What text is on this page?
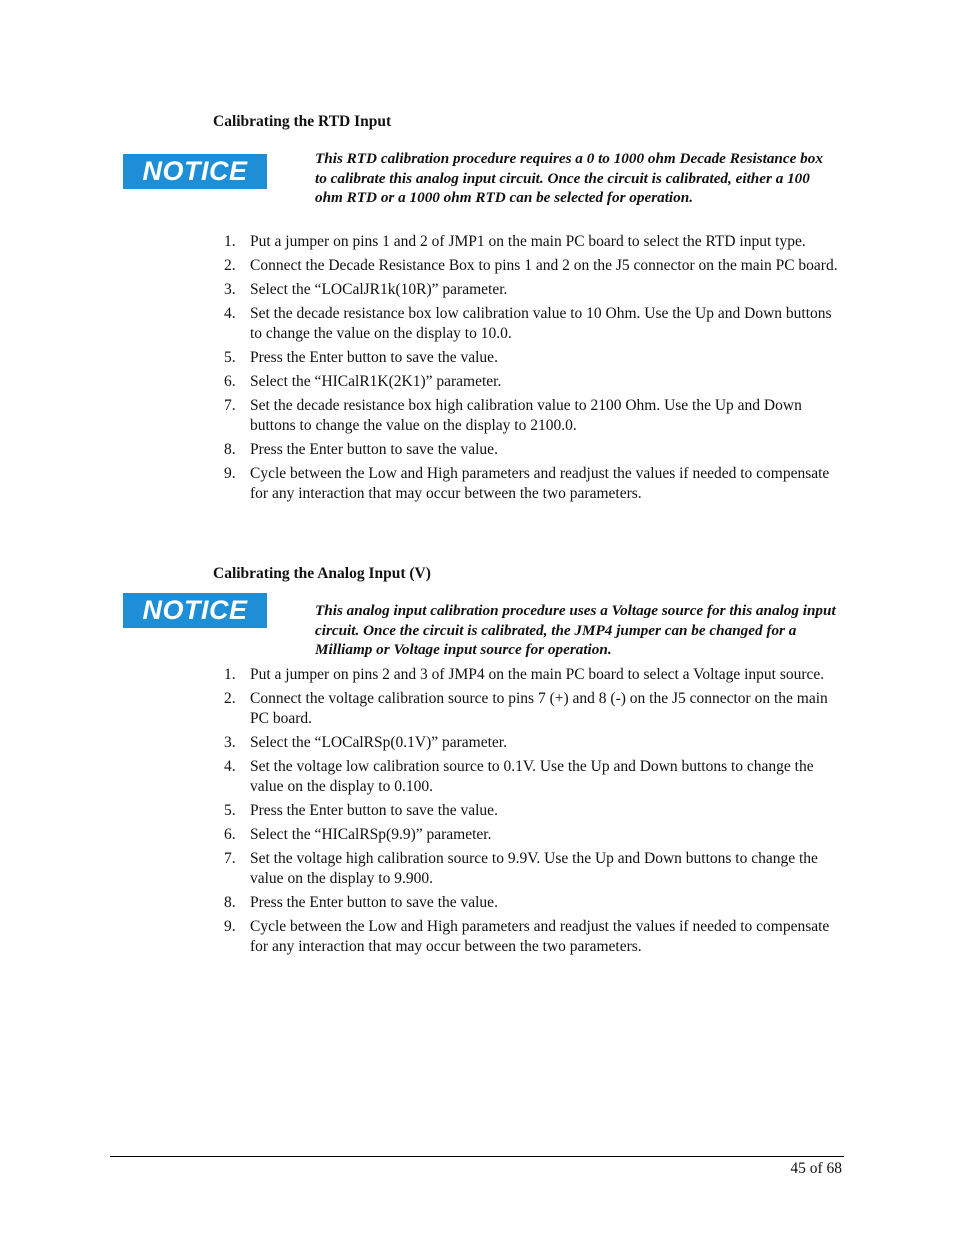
Calibrating the RTD Input
NOTICE	This RTD calibration procedure requires a 0 to 1000 ohm Decade Resistance box to calibrate this analog input circuit. Once the circuit is calibrated, either a 100 ohm RTD or a 1000 ohm RTD can be selected for operation.

1. Put a jumper on pins 1 and 2 of JMP1 on the main PC board to select the RTD input type.
2. Connect the Decade Resistance Box to pins 1 and 2 on the J5 connector on the main PC board.
3. Select the “LOCalJR1k(10R)” parameter.
4. Set the decade resistance box low calibration value to 10 Ohm. Use the Up and Down buttons to change the value on the display to 10.0.
5. Press the Enter button to save the value.
6. Select the “HICalR1K(2K1)” parameter.
7. Set the decade resistance box high calibration value to 2100 Ohm. Use the Up and Down buttons to change the value on the display to 2100.0.
8. Press the Enter button to save the value.
9. Cycle between the Low and High parameters and readjust the values if needed to compensate for any interaction that may occur between the two parameters.
Calibrating the Analog Input (V)
NOTICE	This analog input calibration procedure uses a Voltage source for this analog input circuit. Once the circuit is calibrated, the JMP4 jumper can be changed for a Milliamp or Voltage input source for operation.

1. Put a jumper on pins 2 and 3 of JMP4 on the main PC board to select a Voltage input source.
2. Connect the voltage calibration source to pins 7 (+) and 8 (-) on the J5 connector on the main PC board.
3. Select the “LOCalRSp(0.1V)” parameter.
4. Set the voltage low calibration source to 0.1V. Use the Up and Down buttons to change the value on the display to 0.100.
5. Press the Enter button to save the value.
6. Select the “HICalRSp(9.9)” parameter.
7. Set the voltage high calibration source to 9.9V. Use the Up and Down buttons to change the value on the display to 9.900.
8. Press the Enter button to save the value.
9. Cycle between the Low and High parameters and readjust the values if needed to compensate for any interaction that may occur between the two parameters.
45 of 68
